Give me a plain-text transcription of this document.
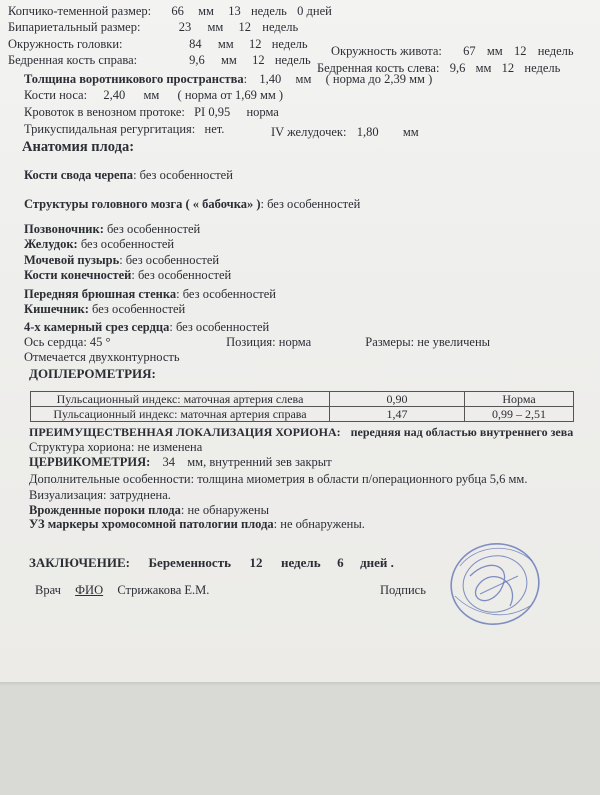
Копчико-теменной размер: 66 мм 13 недель 0 дней
Бипариетальный размер:	23 мм 12 недель
Окружность головки:	84 мм 12 недель Окружность живота: 67 мм 12 недель
Бедренная кость справа:	9,6 мм 12 недель
Бедренная кость слева: 9,6 мм 12 недель
Толщина воротникового пространства: 1,40 мм ( норма до 2,39 мм )
Кости носа: 2,40 мм ( норма от 1,69 мм )
Кровоток в венозном протоке: PI 0,95 норма
Трикуспидальная регургитация: нет.	IV желудочек: 1,80 мм
Анатомия плода:
Кости свода черепа: без особенностей
Структуры головного мозга ( « бабочка» ): без особенностей
Позвоночник: без особенностей
Желудок: без особенностей
Мочевой пузырь: без особенностей
Кости конечностей: без особенностей
Передняя брюшная стенка: без особенностей
Кишечник: без особенностей
4-х камерный срез сердца: без особенностей
Ось сердца: 45 °	Позиция: норма	Размеры: не увеличены
Отмечается двухконтурность
ДОПЛЕРОМЕТРИЯ:
Пульсационный индекс: маточная артерия слева	0,90	Норма
Пульсационный индекс: маточная артерия справа	1,47	0,99 – 2,51
ПРЕИМУЩЕСТВЕННАЯ ЛОКАЛИЗАЦИЯ ХОРИОНА: передняя над областью внутреннего зева
Структура хориона: не изменена
ЦЕРВИКОМЕТРИЯ: 34 мм, внутренний зев закрыт
Дополнительные особенности: толщина миометрия в области п/операционного рубца 5,6 мм.
Визуализация: затруднена.
Врожденные пороки плода: не обнаружены
УЗ маркеры хромосомной патологии плода: не обнаружены.
ЗАКЛЮЧЕНИЕ: Беременность 12 недель 6 дней .
Врач ФИО Стрижакова Е.М.	Подпись
